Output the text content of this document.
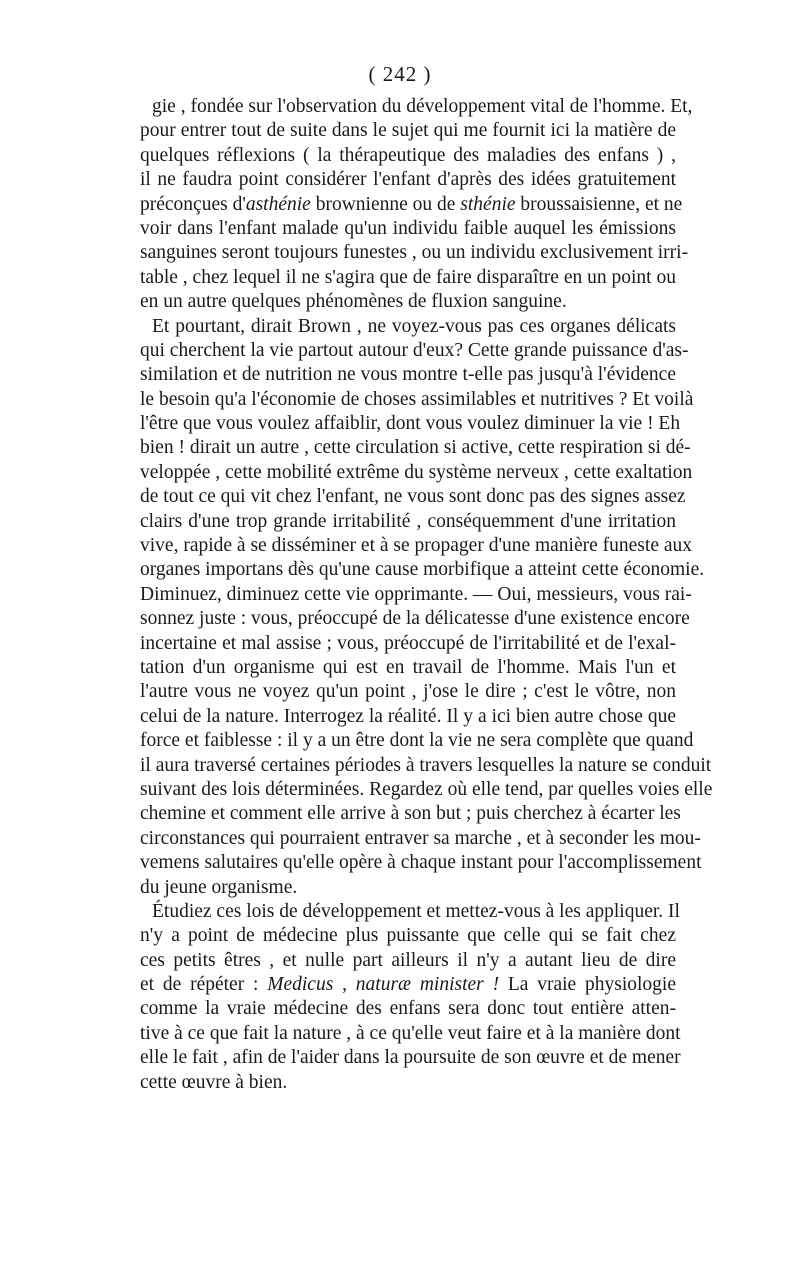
( 242 )
gie , fondée sur l'observation du développement vital de l'homme. Et,
pour entrer tout de suite dans le sujet qui me fournit ici la matière de
quelques réflexions ( la thérapeutique des maladies des enfans ) ,
il ne faudra point considérer l'enfant d'après des idées gratuitement
préconçues d'asthénie brownienne ou de sthénie broussaisienne, et ne
voir dans l'enfant malade qu'un individu faible auquel les émissions
sanguines seront toujours funestes , ou un individu exclusivement irri-
table , chez lequel il ne s'agira que de faire disparaître en un point ou
en un autre quelques phénomènes de fluxion sanguine.
Et pourtant, dirait Brown , ne voyez-vous pas ces organes délicats
qui cherchent la vie partout autour d'eux? Cette grande puissance d'as-
similation et de nutrition ne vous montre t-elle pas jusqu'à l'évidence
le besoin qu'a l'économie de choses assimilables et nutritives ? Et voilà
l'être que vous voulez affaiblir, dont vous voulez diminuer la vie ! Eh
bien ! dirait un autre , cette circulation si active, cette respiration si dé-
veloppée , cette mobilité extrême du système nerveux , cette exaltation
de tout ce qui vit chez l'enfant, ne vous sont donc pas des signes assez
clairs d'une trop grande irritabilité , conséquemment d'une irritation
vive, rapide à se disséminer et à se propager d'une manière funeste aux
organes importans dès qu'une cause morbifique a atteint cette économie.
Diminuez, diminuez cette vie opprimante. — Oui, messieurs, vous rai-
sonnez juste : vous, préoccupé de la délicatesse d'une existence encore
incertaine et mal assise ; vous, préoccupé de l'irritabilité et de l'exal-
tation d'un organisme qui est en travail de l'homme. Mais l'un et
l'autre vous ne voyez qu'un point , j'ose le dire ; c'est le vôtre, non
celui de la nature. Interrogez la réalité. Il y a ici bien autre chose que
force et faiblesse : il y a un être dont la vie ne sera complète que quand
il aura traversé certaines périodes à travers lesquelles la nature se conduit
suivant des lois déterminées. Regardez où elle tend, par quelles voies elle
chemine et comment elle arrive à son but ; puis cherchez à écarter les
circonstances qui pourraient entraver sa marche , et à seconder les mou-
vemens salutaires qu'elle opère à chaque instant pour l'accomplissement
du jeune organisme.
Étudiez ces lois de développement et mettez-vous à les appliquer. Il
n'y a point de médecine plus puissante que celle qui se fait chez
ces petits êtres , et nulle part ailleurs il n'y a autant lieu de dire
et de répéter : Medicus , naturæ minister ! La vraie physiologie
comme la vraie médecine des enfans sera donc tout entière atten-
tive à ce que fait la nature , à ce qu'elle veut faire et à la manière dont
elle le fait , afin de l'aider dans la poursuite de son œuvre et de mener
cette œuvre à bien.
